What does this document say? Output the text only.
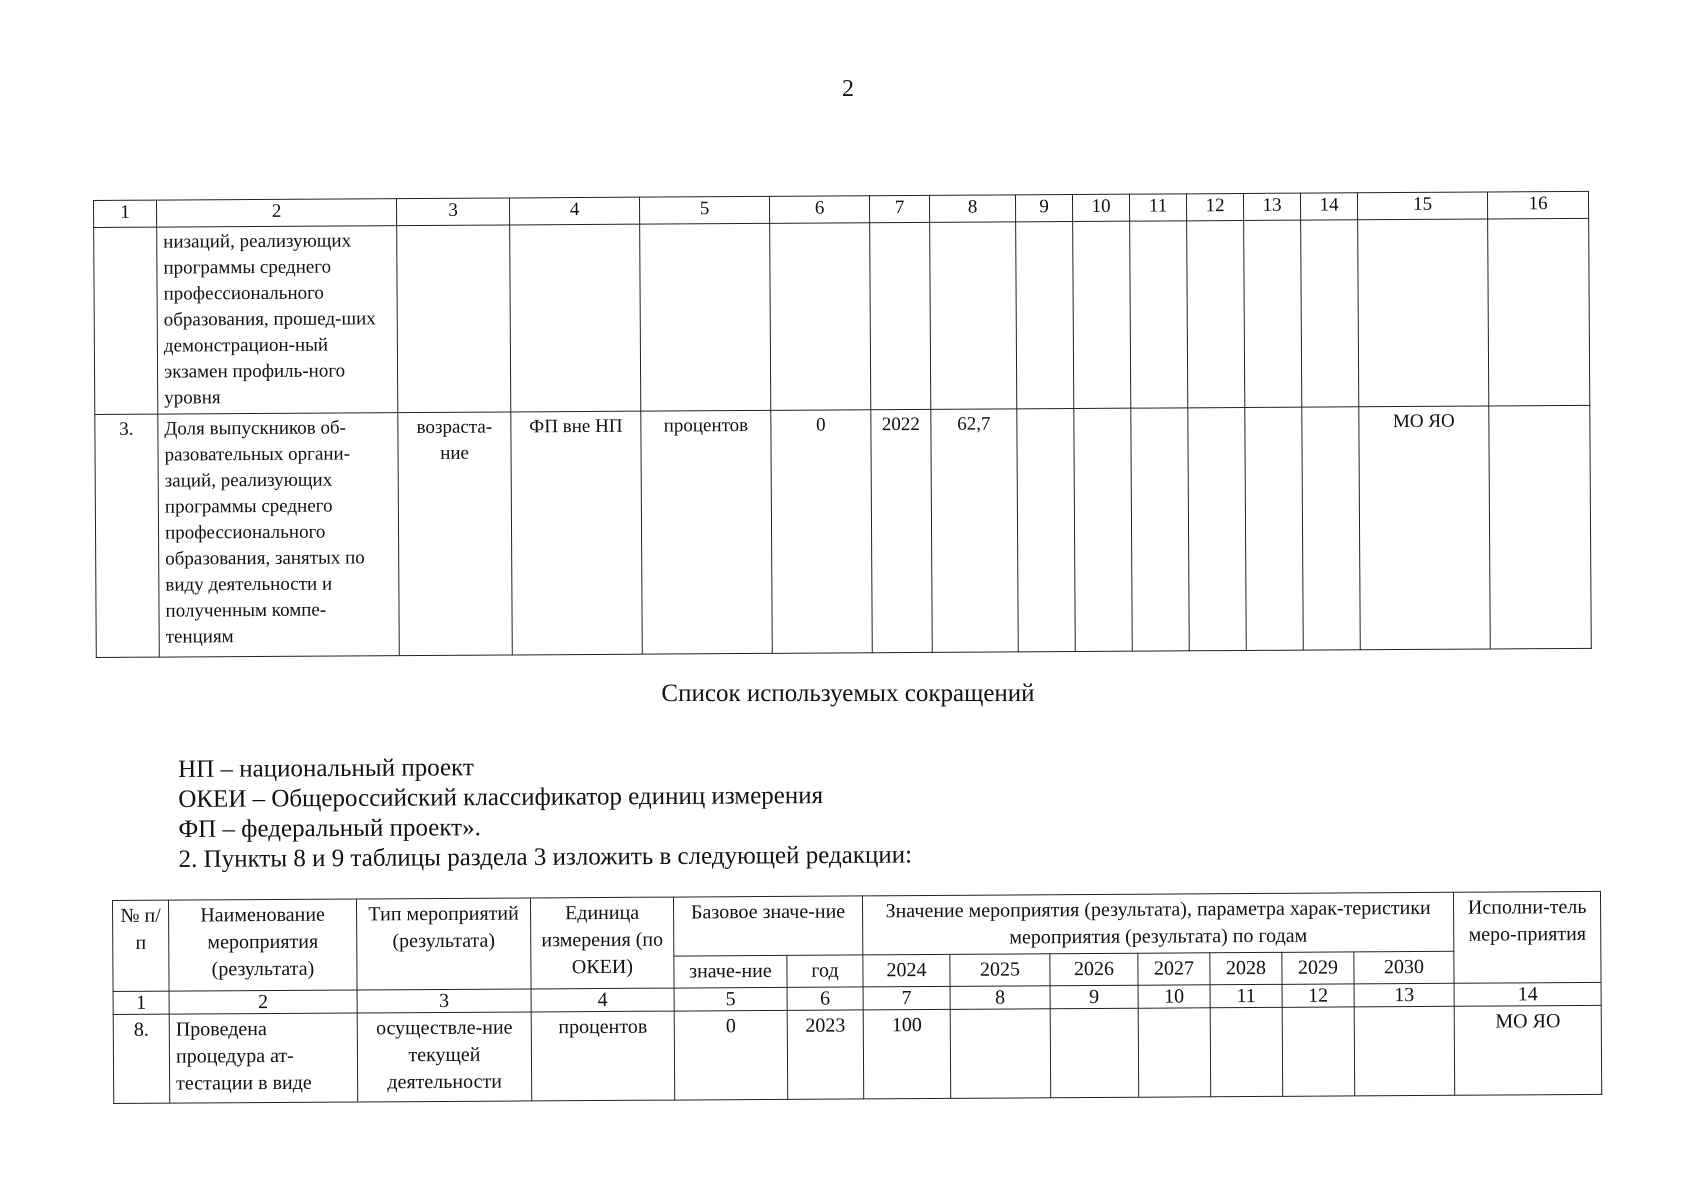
2
1	2	3	4	5	6	7	8	9	10	11	12	13	14	15	16
	низаций, реализующих программы среднего профессионального образования, прошед-ших демонстрацион-ный экзамен профиль-ного уровня														
3.	Доля выпускников об-разовательных органи-заций, реализующих программы среднего профессионального образования, занятых по виду деятельности и полученным компе-тенциям	возраста-ние	ФП вне НП	процентов	0	2022	62,7							МО ЯО	
Список используемых сокращений
НП – национальный проект
ОКЕИ – Общероссийский классификатор единиц измерения
ФП – федеральный проект».
2. Пункты 8 и 9 таблицы раздела 3 изложить в следующей редакции:
№ п/п	Наименование мероприятия (результата)	Тип мероприятий (результата)	Единица измерения (по ОКЕИ)	Базовое значе-ние		Значение мероприятия (результата), параметра харак-теристики мероприятия (результата) по годам							Исполни-тель меро-приятия

				значе-ние	год	2024	2025	2026	2027	2028	2029	2030	
1	2	3	4	5	6	7	8	9	10	11	12	13	14
8.	Проведена процедура ат-тестации в виде	осуществле-ние текущей деятельности	процентов	0	2023	100							МО ЯО
